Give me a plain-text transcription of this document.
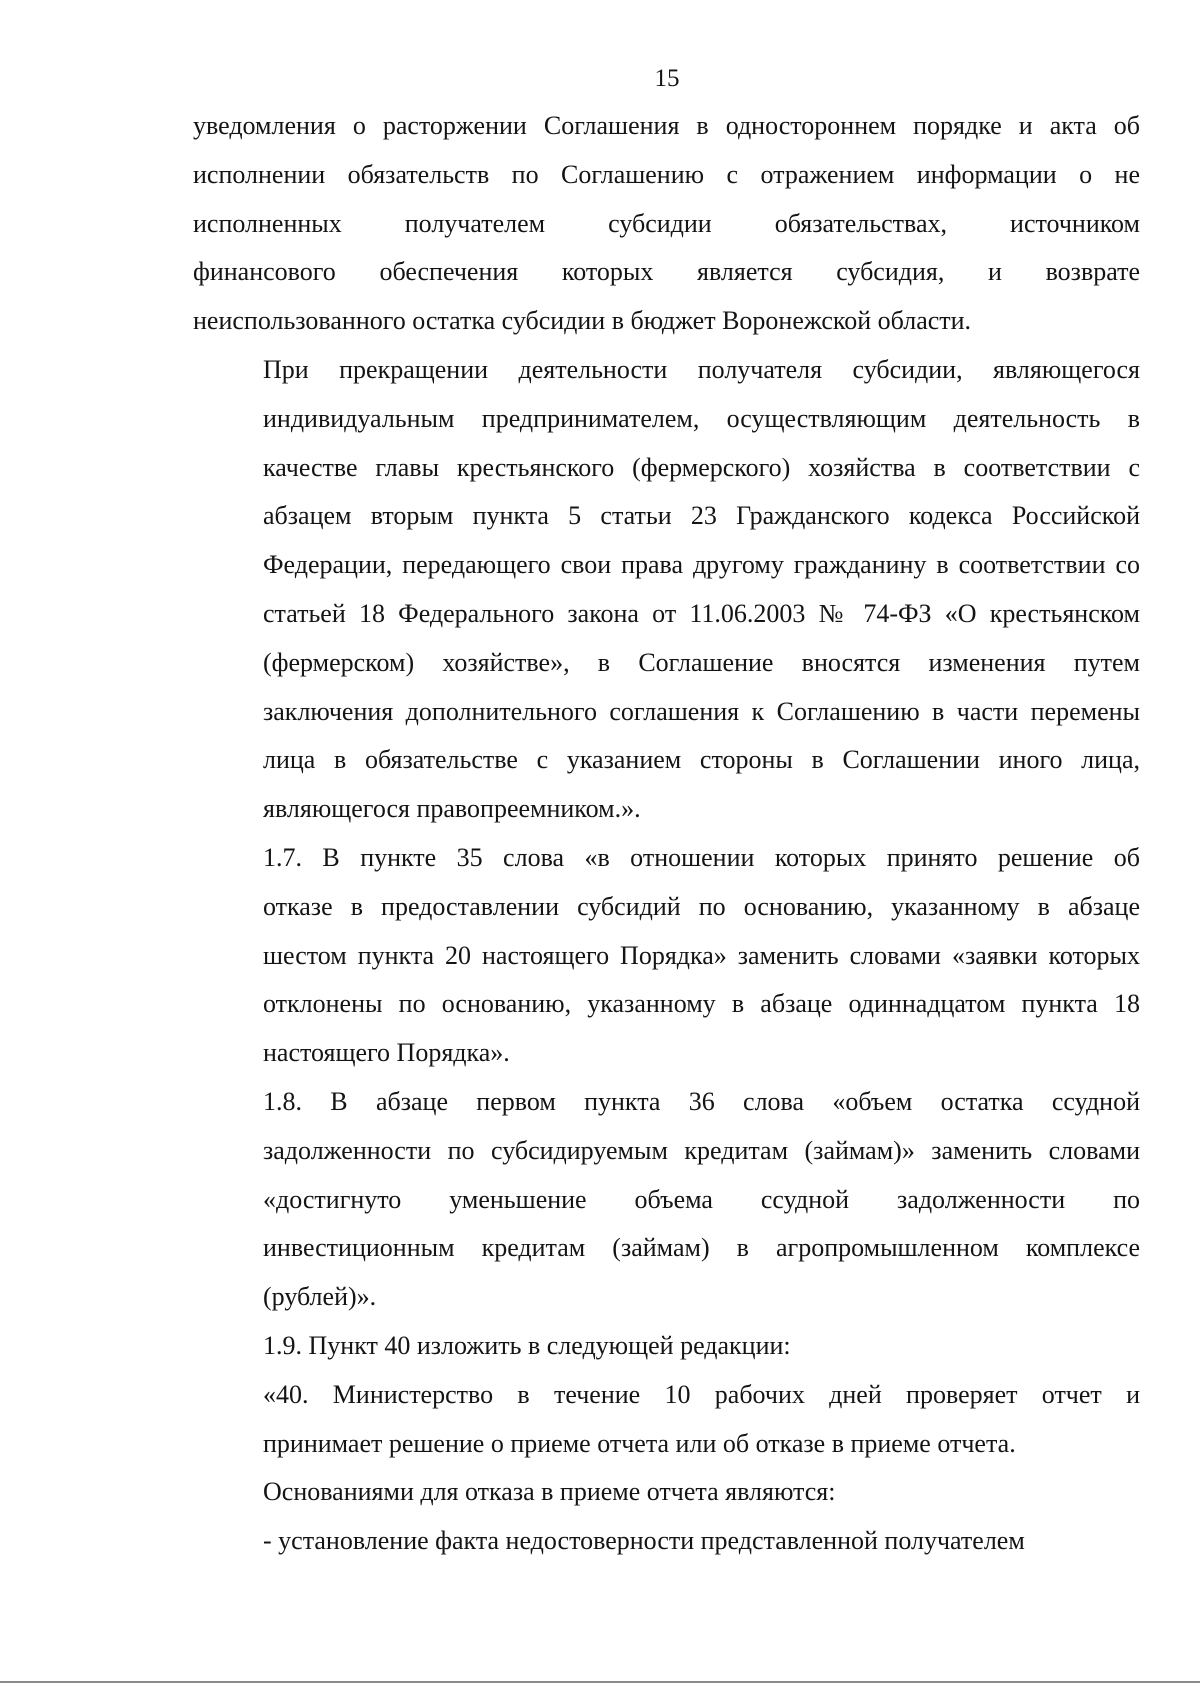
15

уведомления о расторжении Соглашения в одностороннем порядке и акта об
исполнении обязательств по Соглашению с отражением информации о не
исполненных получателем субсидии обязательствах, источником
финансового обеспечения которых является субсидия, и возврате
неиспользованного остатка субсидии в бюджет Воронежской области.

При прекращении деятельности получателя субсидии, являющегося
индивидуальным предпринимателем, осуществляющим деятельность в
качестве главы крестьянского (фермерского) хозяйства в соответствии с
абзацем вторым пункта 5 статьи 23 Гражданского кодекса Российской
Федерации, передающего свои права другому гражданину в соответствии со
статьей 18 Федерального закона от 11.06.2003 № 74-ФЗ «О крестьянском
(фермерском) хозяйстве», в Соглашение вносятся изменения путем
заключения дополнительного соглашения к Соглашению в части перемены
лица в обязательстве с указанием стороны в Соглашении иного лица,
являющегося правопреемником.».

1.7. В пункте 35 слова «в отношении которых принято решение об
отказе в предоставлении субсидий по основанию, указанному в абзаце
шестом пункта 20 настоящего Порядка» заменить словами «заявки которых
отклонены по основанию, указанному в абзаце одиннадцатом пункта 18
настоящего Порядка».

1.8. В абзаце первом пункта 36 слова «объем остатка ссудной
задолженности по субсидируемым кредитам (займам)» заменить словами
«достигнуто уменьшение объема ссудной задолженности по
инвестиционным кредитам (займам) в агропромышленном комплексе
(рублей)».

1.9. Пункт 40 изложить в следующей редакции:

«40. Министерство в течение 10 рабочих дней проверяет отчет и
принимает решение о приеме отчета или об отказе в приеме отчета.

Основаниями для отказа в приеме отчета являются:

- установление факта недостоверности представленной получателем
